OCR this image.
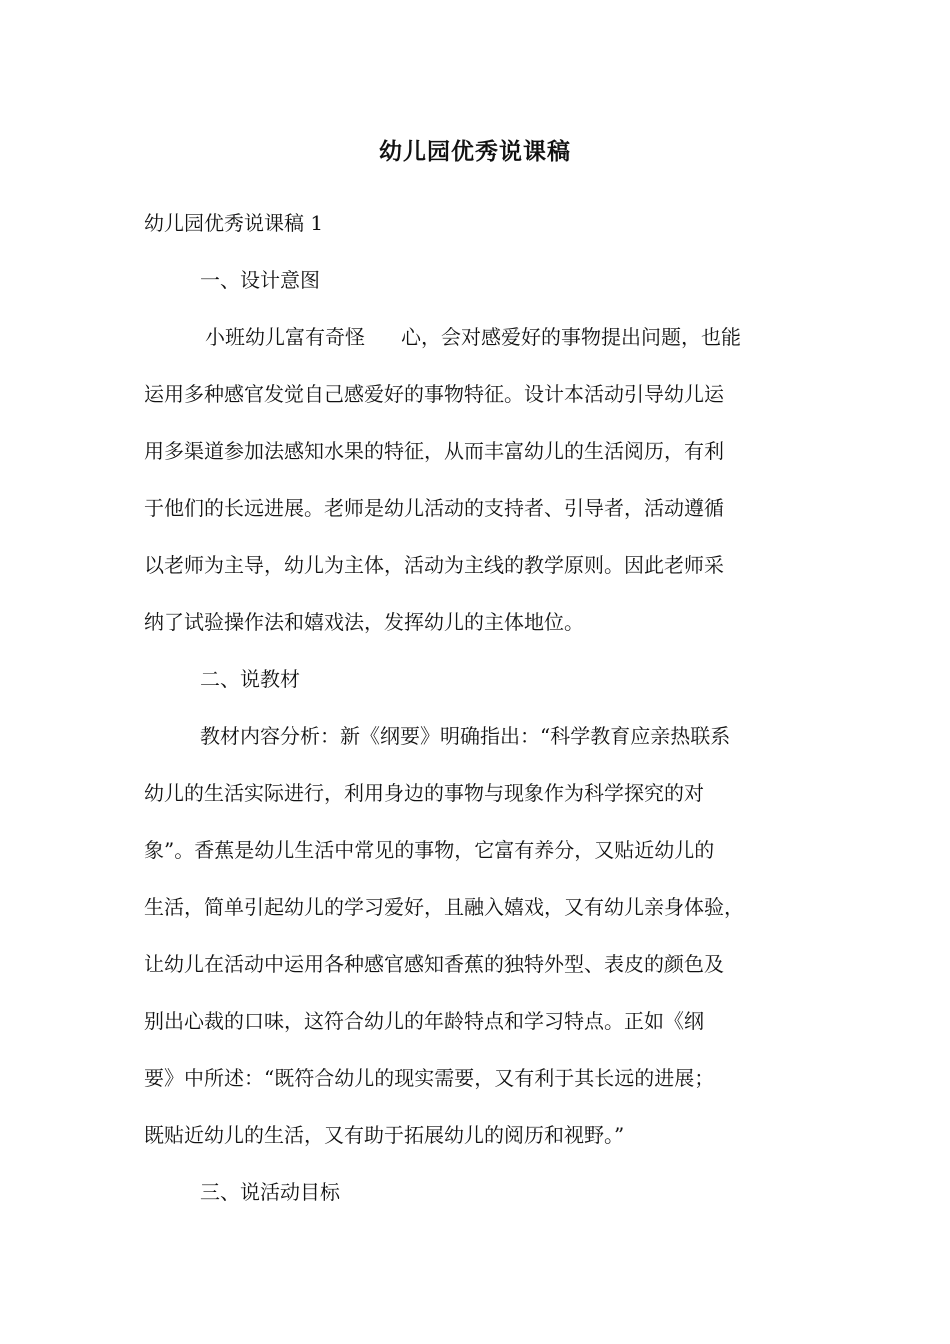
幼儿园优秀说课稿
幼儿园优秀说课稿 1
一、设计意图
小班幼儿富有奇怪 心，会对感爱好的事物提出问题，也能
运用多种感官发觉自己感爱好的事物特征。设计本活动引导幼儿运
用多渠道参加法感知水果的特征，从而丰富幼儿的生活阅历，有利
于他们的长远进展。老师是幼儿活动的支持者、引导者，活动遵循
以老师为主导，幼儿为主体，活动为主线的教学原则。因此老师采
纳了试验操作法和嬉戏法，发挥幼儿的主体地位。
二、说教材
教材内容分析：新《纲要》明确指出：“科学教育应亲热联系
幼儿的生活实际进行，利用身边的事物与现象作为科学探究的对
象”。香蕉是幼儿生活中常见的事物，它富有养分，又贴近幼儿的
生活，简单引起幼儿的学习爱好，且融入嬉戏，又有幼儿亲身体验，
让幼儿在活动中运用各种感官感知香蕉的独特外型、表皮的颜色及
别出心裁的口味，这符合幼儿的年龄特点和学习特点。正如《纲
要》中所述：“既符合幼儿的现实需要，又有利于其长远的进展；
既贴近幼儿的生活，又有助于拓展幼儿的阅历和视野。”
三、说活动目标
